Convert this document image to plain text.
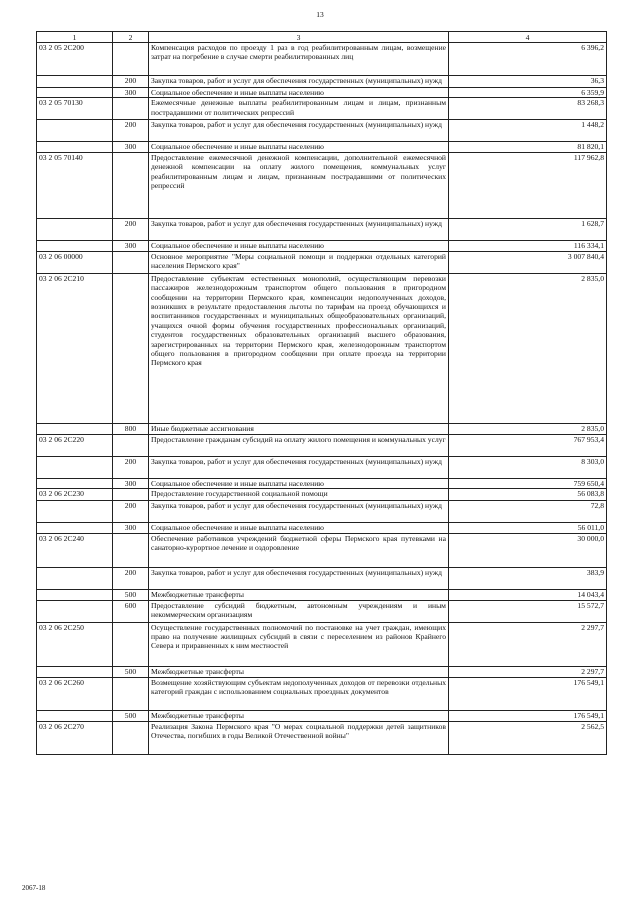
13
1	2	3	4
03 2 05 2С200		Компенсация расходов по проезду 1 раз в год реабилитированным лицам, возмещение затрат на погребение в случае смерти реабилитированных лиц	6 396,2
	200	Закупка товаров, работ и услуг для обеспечения государственных (муниципальных) нужд	36,3
	300	Социальное обеспечение и иные выплаты населению	6 359,9
03 2 05 70130		Ежемесячные денежные выплаты реабилитированным лицам и лицам, признанным пострадавшими от политических репрессий	83 268,3
	200	Закупка товаров, работ и услуг для обеспечения государственных (муниципальных) нужд	1 448,2
	300	Социальное обеспечение и иные выплаты населению	81 820,1
03 2 05 70140		Предоставление ежемесячной денежной компенсации, дополнительной ежемесячной денежной компенсации на оплату жилого помещения, коммунальных услуг реабилитированным лицам и лицам, признанным пострадавшими от политических репрессий	117 962,8
	200	Закупка товаров, работ и услуг для обеспечения государственных (муниципальных) нужд	1 628,7
	300	Социальное обеспечение и иные выплаты населению	116 334,1
03 2 06 00000		Основное мероприятие "Меры социальной помощи и поддержки отдельных категорий населения Пермского края"	3 007 840,4
03 2 06 2С210		Предоставление субъектам естественных монополий, осуществляющим перевозки пассажиров железнодорожным транспортом общего пользования в пригородном сообщении на территории Пермского края, компенсации недополученных доходов, возникших в результате предоставления льготы по тарифам на проезд обучающихся и воспитанников государственных и муниципальных общеобразовательных организаций, учащихся очной формы обучения государственных профессиональных организаций, студентов государственных образовательных организаций высшего образования, зарегистрированных на территории Пермского края, железнодорожным транспортом общего пользования в пригородном сообщении при оплате проезда на территории Пермского края	2 835,0
	800	Иные бюджетные ассигнования	2 835,0
03 2 06 2С220		Предоставление гражданам субсидий на оплату жилого помещения и коммунальных услуг	767 953,4
	200	Закупка товаров, работ и услуг для обеспечения государственных (муниципальных) нужд	8 303,0
	300	Социальное обеспечение и иные выплаты населению	759 650,4
03 2 06 2С230		Предоставление государственной социальной помощи	56 083,8
	200	Закупка товаров, работ и услуг для обеспечения государственных (муниципальных) нужд	72,8
	300	Социальное обеспечение и иные выплаты населению	56 011,0
03 2 06 2С240		Обеспечение работников учреждений бюджетной сферы Пермского края путевками на санаторно-курортное лечение и оздоровление	30 000,0
	200	Закупка товаров, работ и услуг для обеспечения государственных (муниципальных) нужд	383,9
	500	Межбюджетные трансферты	14 043,4
	600	Предоставление субсидий бюджетным, автономным учреждениям и иным некоммерческим организациям	15 572,7
03 2 06 2С250		Осуществление государственных полномочий по постановке на учет граждан, имеющих право на получение жилищных субсидий в связи с переселением из районов Крайнего Севера и приравненных к ним местностей	2 297,7
	500	Межбюджетные трансферты	2 297,7
03 2 06 2С260		Возмещение хозяйствующим субъектам недополученных доходов от перевозки отдельных категорий граждан с использованием социальных проездных документов	176 549,1
	500	Межбюджетные трансферты	176 549,1
03 2 06 2С270		Реализация Закона Пермского края "О мерах социальной поддержки детей защитников Отечества, погибших в годы Великой Отечественной войны"	2 562,5
2067-18
